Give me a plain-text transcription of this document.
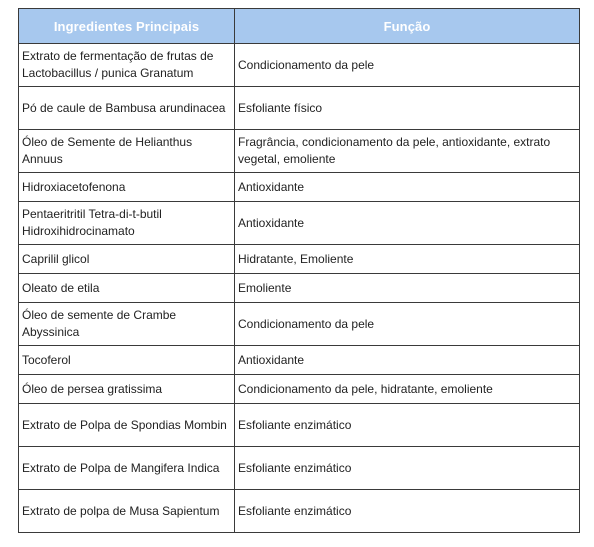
Ingredientes Principais	Função
Extrato de fermentação de frutas de Lactobacillus / punica Granatum	Condicionamento da pele
Pó de caule de Bambusa arundinacea	Esfoliante físico
Óleo de Semente de Helianthus Annuus	Fragrância, condicionamento da pele, antioxidante, extrato vegetal, emoliente
Hidroxiacetofenona	Antioxidante
Pentaeritritil Tetra-di-t-butil Hidroxihidrocinamato	Antioxidante
Caprilil glicol	Hidratante, Emoliente
Oleato de etila	Emoliente
Óleo de semente de Crambe Abyssinica	Condicionamento da pele
Tocoferol	Antioxidante
Óleo de persea gratissima	Condicionamento da pele, hidratante, emoliente
Extrato de Polpa de Spondias Mombin	Esfoliante enzimático
Extrato de Polpa de Mangifera Indica	Esfoliante enzimático
Extrato de polpa de Musa Sapientum	Esfoliante enzimático
